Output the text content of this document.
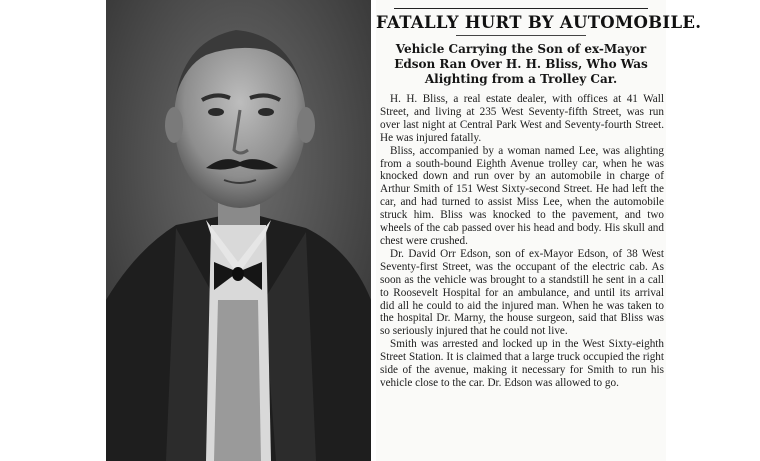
FATALLY HURT BY AUTOMOBILE.
Vehicle Carrying the Son of ex-Mayor Edson Ran Over H. H. Bliss, Who Was Alighting from a Trolley Car.

H. H. Bliss, a real estate dealer, with offices at 41 Wall Street, and living at 235 West Seventy-fifth Street, was run over last night at Central Park West and Seventy-fourth Street. He was injured fatally.

Bliss, accompanied by a woman named Lee, was alighting from a south-bound Eighth Avenue trolley car, when he was knocked down and run over by an automobile in charge of Arthur Smith of 151 West Sixty-second Street. He had left the car, and had turned to assist Miss Lee, when the automobile struck him. Bliss was knocked to the pavement, and two wheels of the cab passed over his head and body. His skull and chest were crushed.

Dr. David Orr Edson, son of ex-Mayor Edson, of 38 West Seventy-first Street, was the occupant of the electric cab. As soon as the vehicle was brought to a standstill he sent in a call to Roosevelt Hospital for an ambulance, and until its arrival did all he could to aid the injured man. When he was taken to the hospital Dr. Marny, the house surgeon, said that Bliss was so seriously injured that he could not live.

Smith was arrested and locked up in the West Sixty-eighth Street Station. It is claimed that a large truck occupied the right side of the avenue, making it necessary for Smith to run his vehicle close to the car. Dr. Edson was allowed to go.
